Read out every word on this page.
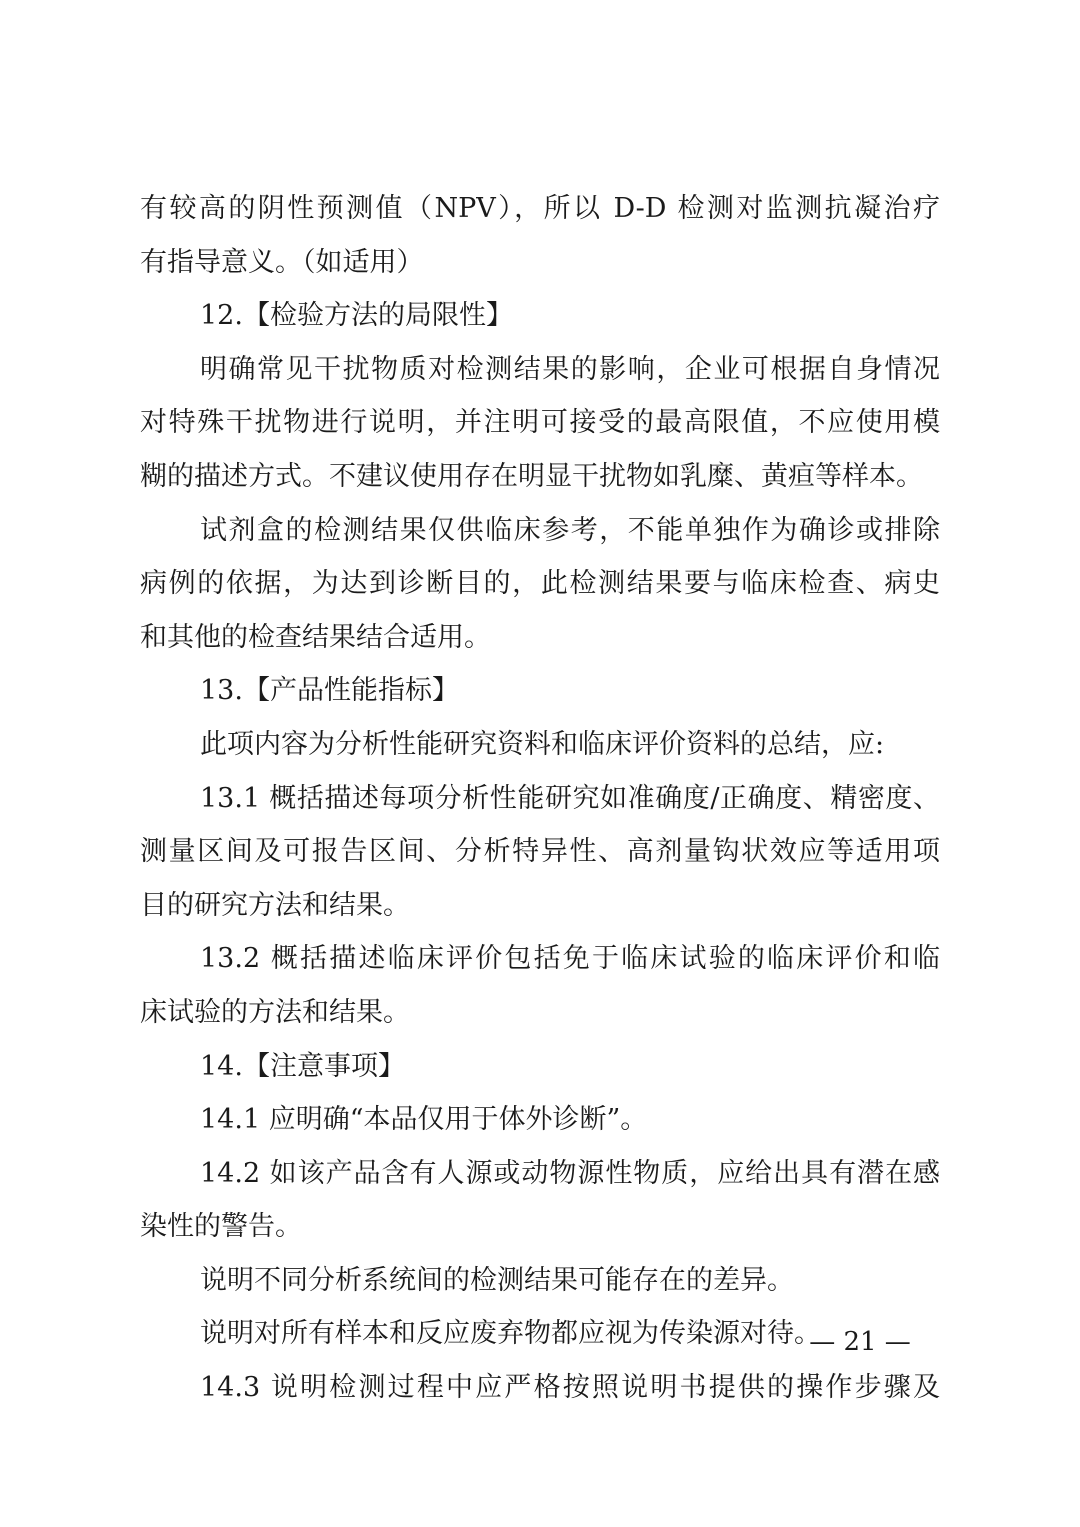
有较高的阴性预测值（NPV），所以 D-D 检测对监测抗凝治疗
有指导意义。（如适用）
12.【检验方法的局限性】
明确常见干扰物质对检测结果的影响，企业可根据自身情况
对特殊干扰物进行说明，并注明可接受的最高限值，不应使用模
糊的描述方式。不建议使用存在明显干扰物如乳糜、黄疸等样本。
试剂盒的检测结果仅供临床参考，不能单独作为确诊或排除
病例的依据，为达到诊断目的，此检测结果要与临床检查、病史
和其他的检查结果结合适用。
13.【产品性能指标】
此项内容为分析性能研究资料和临床评价资料的总结，应:
13.1 概括描述每项分析性能研究如准确度/正确度、精密度、
测量区间及可报告区间、分析特异性、高剂量钩状效应等适用项
目的研究方法和结果。
13.2 概括描述临床评价包括免于临床试验的临床评价和临
床试验的方法和结果。
14.【注意事项】
14.1 应明确“本品仅用于体外诊断”。
14.2 如该产品含有人源或动物源性物质，应给出具有潜在感
染性的警告。
说明不同分析系统间的检测结果可能存在的差异。
说明对所有样本和反应废弃物都应视为传染源对待。
14.3 说明检测过程中应严格按照说明书提供的操作步骤及
— 21 —
